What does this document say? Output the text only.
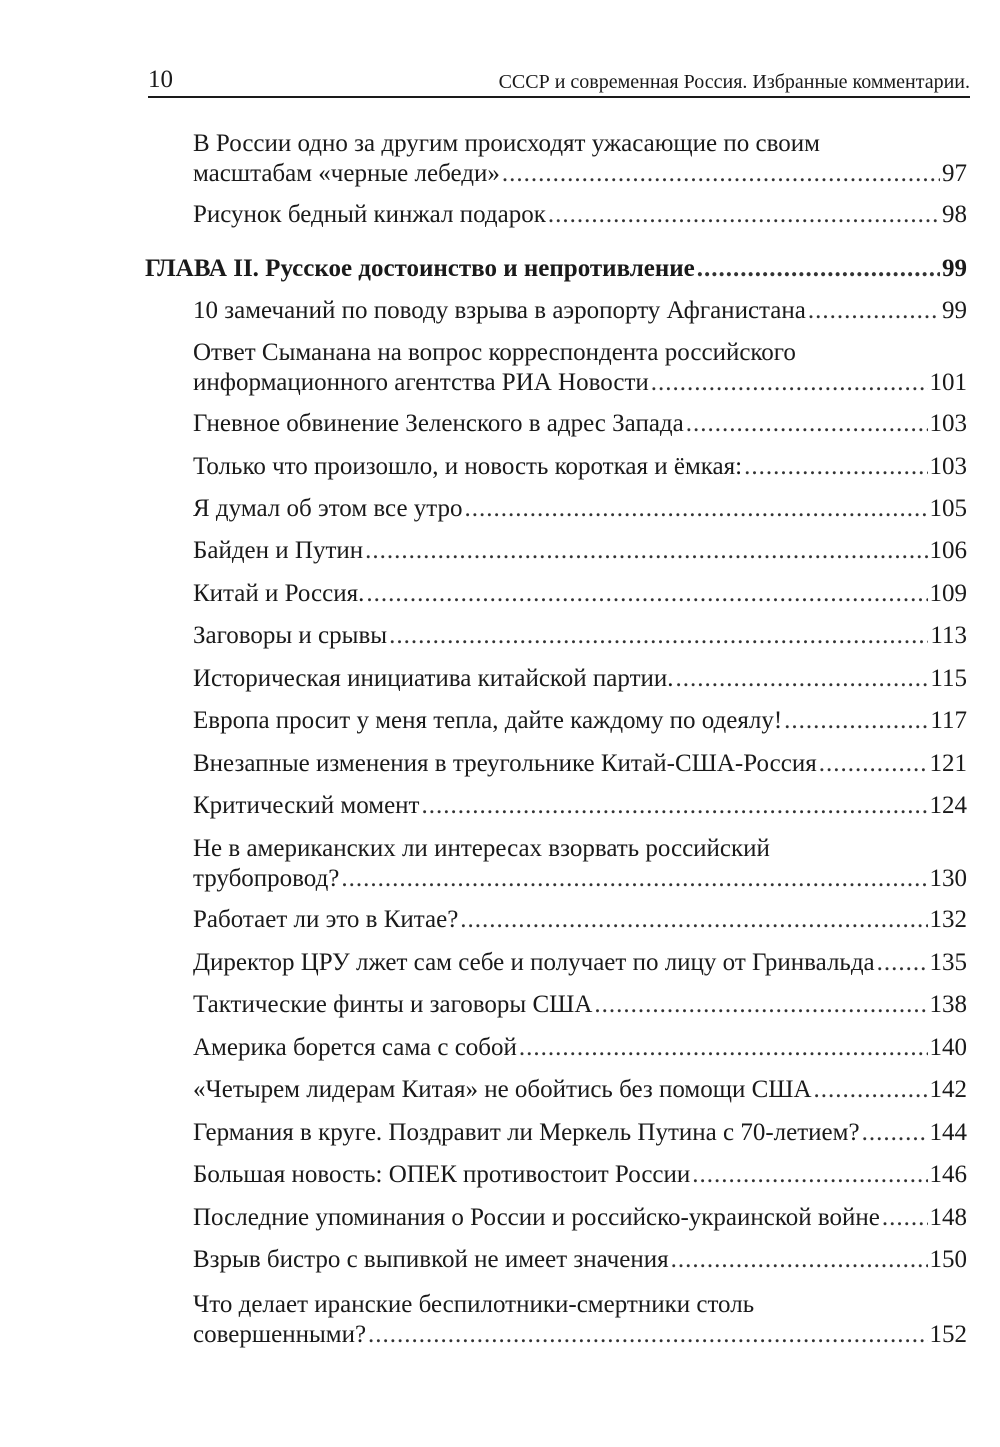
10	СССР и современная Россия. Избранные комментарии.
В России одно за другим происходят ужасающие по своим
масштабам «черные лебеди» .....	97
Рисунок бедный кинжал подарок .....	98
ГЛАВА II. Русское достоинство и непротивление .....	99
10 замечаний по поводу взрыва в аэропорту Афганистана .....	99
Ответ Сыманана на вопрос корреспондента российского
информационного агентства РИА Новости .....	101
Гневное обвинение Зеленского в адрес Запада .....	103
Только что произошло, и новость короткая и ёмкая: .....	103
Я думал об этом все утро .....	105
Байден и Путин .....	106
Китай и Россия. .....	109
Заговоры и срывы .....	113
Историческая инициатива китайской партии. .....	115
Европа просит у меня тепла, дайте каждому по одеялу! .....	117
Внезапные изменения в треугольнике Китай-США-Россия .....	121
Критический момент .....	124
Не в американских ли интересах взорвать российский
трубопровод? .....	130
Работает ли это в Китае? .....	132
Директор ЦРУ лжет сам себе и получает по лицу от Гринвальда ..... 135
Тактические финты и заговоры США .....	138
Америка борется сама с собой .....	140
«Четырем лидерам Китая» не обойтись без помощи США .....	142
Германия в круге. Поздравит ли Меркель Путина с 70-летием? .....	144
Большая новость: ОПЕК противостоит России .....	146
Последние упоминания о России и российско-украинской войне ..... 148
Взрыв бистро с выпивкой не имеет значения .....	150
Что делает иранские беспилотники-смертники столь
совершенными? .....	152
